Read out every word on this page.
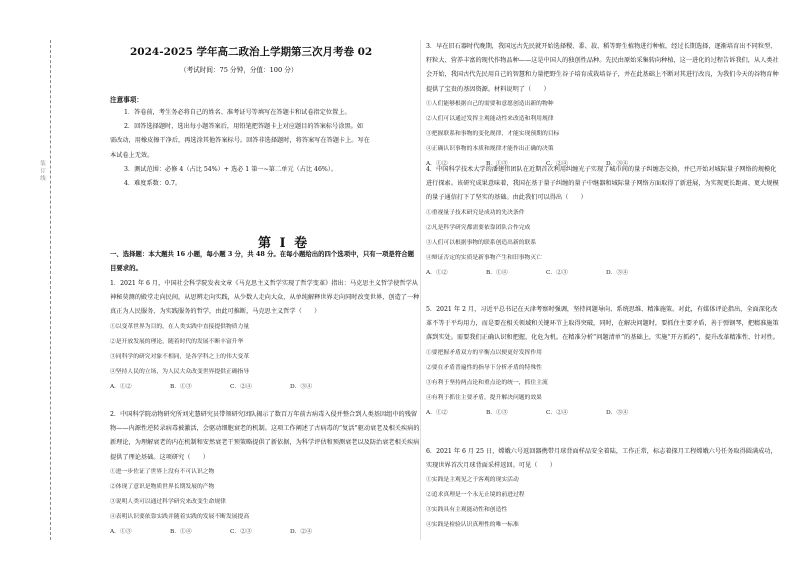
装订线
2024-2025 学年高二政治上学期第三次月考卷 02
（考试时间：75 分钟，分值：100 分）
注意事项：
1．答卷前，考生务必将自己的姓名、准考证号等填写在答题卡和试卷指定位置上。
2．回答选择题时，选出每小题答案后，用铅笔把答题卡上对应题目的答案标号涂黑。如
需改动，用橡皮擦干净后，再选涂其他答案标号。回答非选择题时，将答案写在答题卡上。写在
本试卷上无效。
3．测试范围：必修 4（占比 54%）+ 选必 1 第一~第二单元（占比 46%）。
4．难度系数：0.7。
第 I 卷
一、选择题：本大题共 16 小题，每小题 3 分，共 48 分。在每小题给出的四个选项中，只有一项是符合题目要求的。
1．2021 年 6 月，中国社会科学院发表文章《马克思主义哲学实现了哲学变革》指出：马克思主义哲学使哲学从神秘莫测的殿堂走向民间，从思辨走向实践，从少数人走向大众，从单纯解释世界走向同时改变世界，创造了一种真正为人民服务、为实践服务的哲学，由此可推断，马克思主义哲学（　　）
①以变革世界为目的，在人类实践中直接提供物质力量
②是开放发展的理论，随着时代的发展不断丰富升华
③同科学的研究对象不相同，是各学科之上的伟大变革
④坚持人民的立场，为人民大众改变世界提供正确指导
A．①②	B．①③	C．②④	D．③④
2．中国科学院动物研究所刘光慧研究员带领研究团队揭示了数百万年前古病毒入侵并整合到人类基因组中的残留物——内源性逆转录病毒被激活，会驱动细胞衰老的机制。这项工作阐述了古病毒的“复活”驱动衰老及相关疾病的新理论，为理解衰老的内在机制和安然衰老干预策略提供了新依据，为科学评估和预测衰老以及防治衰老相关疾病提供了理论基础。这项研究（　　）
①进一步佐证了世界上没有不可认识之物
②体现了意识是物质世界长期发展的产物
③说明人类可以通过科学研究来改变生命规律
④表明认识要依靠实践并随着实践的发展不断发展提高
A．①③	B．①④	C．②③	D．②④
3．早在旧石器时代晚期，我国远古先民就开始选择稷、黍、菽、稻等野生植物进行种植，经过长期选择，逐渐培育出不同粒型、籽粒大、营养丰富的现代作物品种——这是中国人的独创性品种。先民由原始采集转向种植，这一进化的过程告诉我们，从人类社会开始，我国古代先民用自己的智慧和力量把野生谷子培育成栽培谷子，并在此基础上不断对其进行改良，为我们今天的谷物育种提供了宝贵的基因资源。材料说明了（　　）
①人们能够根据自己的需要和意愿创造出新的物种
②人们可以通过发挥主观能动性来改造和利用规律
③把握联系和事物的变化规律，才能实现预期的目标
④正确认识事物的本质和规律才能作出正确的决策
A．①②	B．①③	C．②④	D．③④
4．中国科学技术大学的潘建伟团队在近期首次利用纠缠光子实现了城市间的量子纠缠态交换，并已开始对城际量子网络的规模化进行探索。该研究成果意味着，我国在基于量子纠缠的量子中继器和城际量子网络方面取得了新进展，为实现更长距离、更大规模的量子通信打下了坚实的基础。由此我们可以得出（　　）
①重视量子技术研究是成功的先决条件
②凡是科学研究都需要依靠团队合作完成
③人们可以根据事物的联系创造出新的联系
④辩证否定的实质是新事物产生和旧事物灭亡
A．①②	B．①④	C．②③	D．③④
5．2021 年 2 月，习近平总书记在天津考察时强调，坚持问题导向、系统思维、精准施策。对此，有媒体评论指出，全面深化改革不等于平均用力，而是要在相关领域和关键环节上取得突破，同时，在解决问题时，要抓住主要矛盾，善于弹钢琴，把精准施策落到实处。需要我们正确认识和把握，化危为机。在精准分析“问题清单”的基础上，实施“开方抓药”，提升改革精准性、针对性。
①要把握矛盾双方的平衡点以便更好发挥作用
②要在矛盾普遍性的指导下分析矛盾的特殊性
③有利于坚持两点论和重点论的统一，抓住主流
④有利于抓住主要矛盾，提升解决问题的效果
A．①②	B．①③	C．②④	D．③④
6．2021 年 6 月 25 日，嫦娥六号返回器携带月球背面样品安全着陆，工作正常，标志着探月工程嫦娥六号任务取得圆满成功，实现世界首次月球背面采样返回。可见（　　）
①实践是主观见之于客观的现实活动
②追求真理是一个永无止境的前进过程
③实践具有主观能动性和创造性
④实践是检验认识真理性的唯一标准
